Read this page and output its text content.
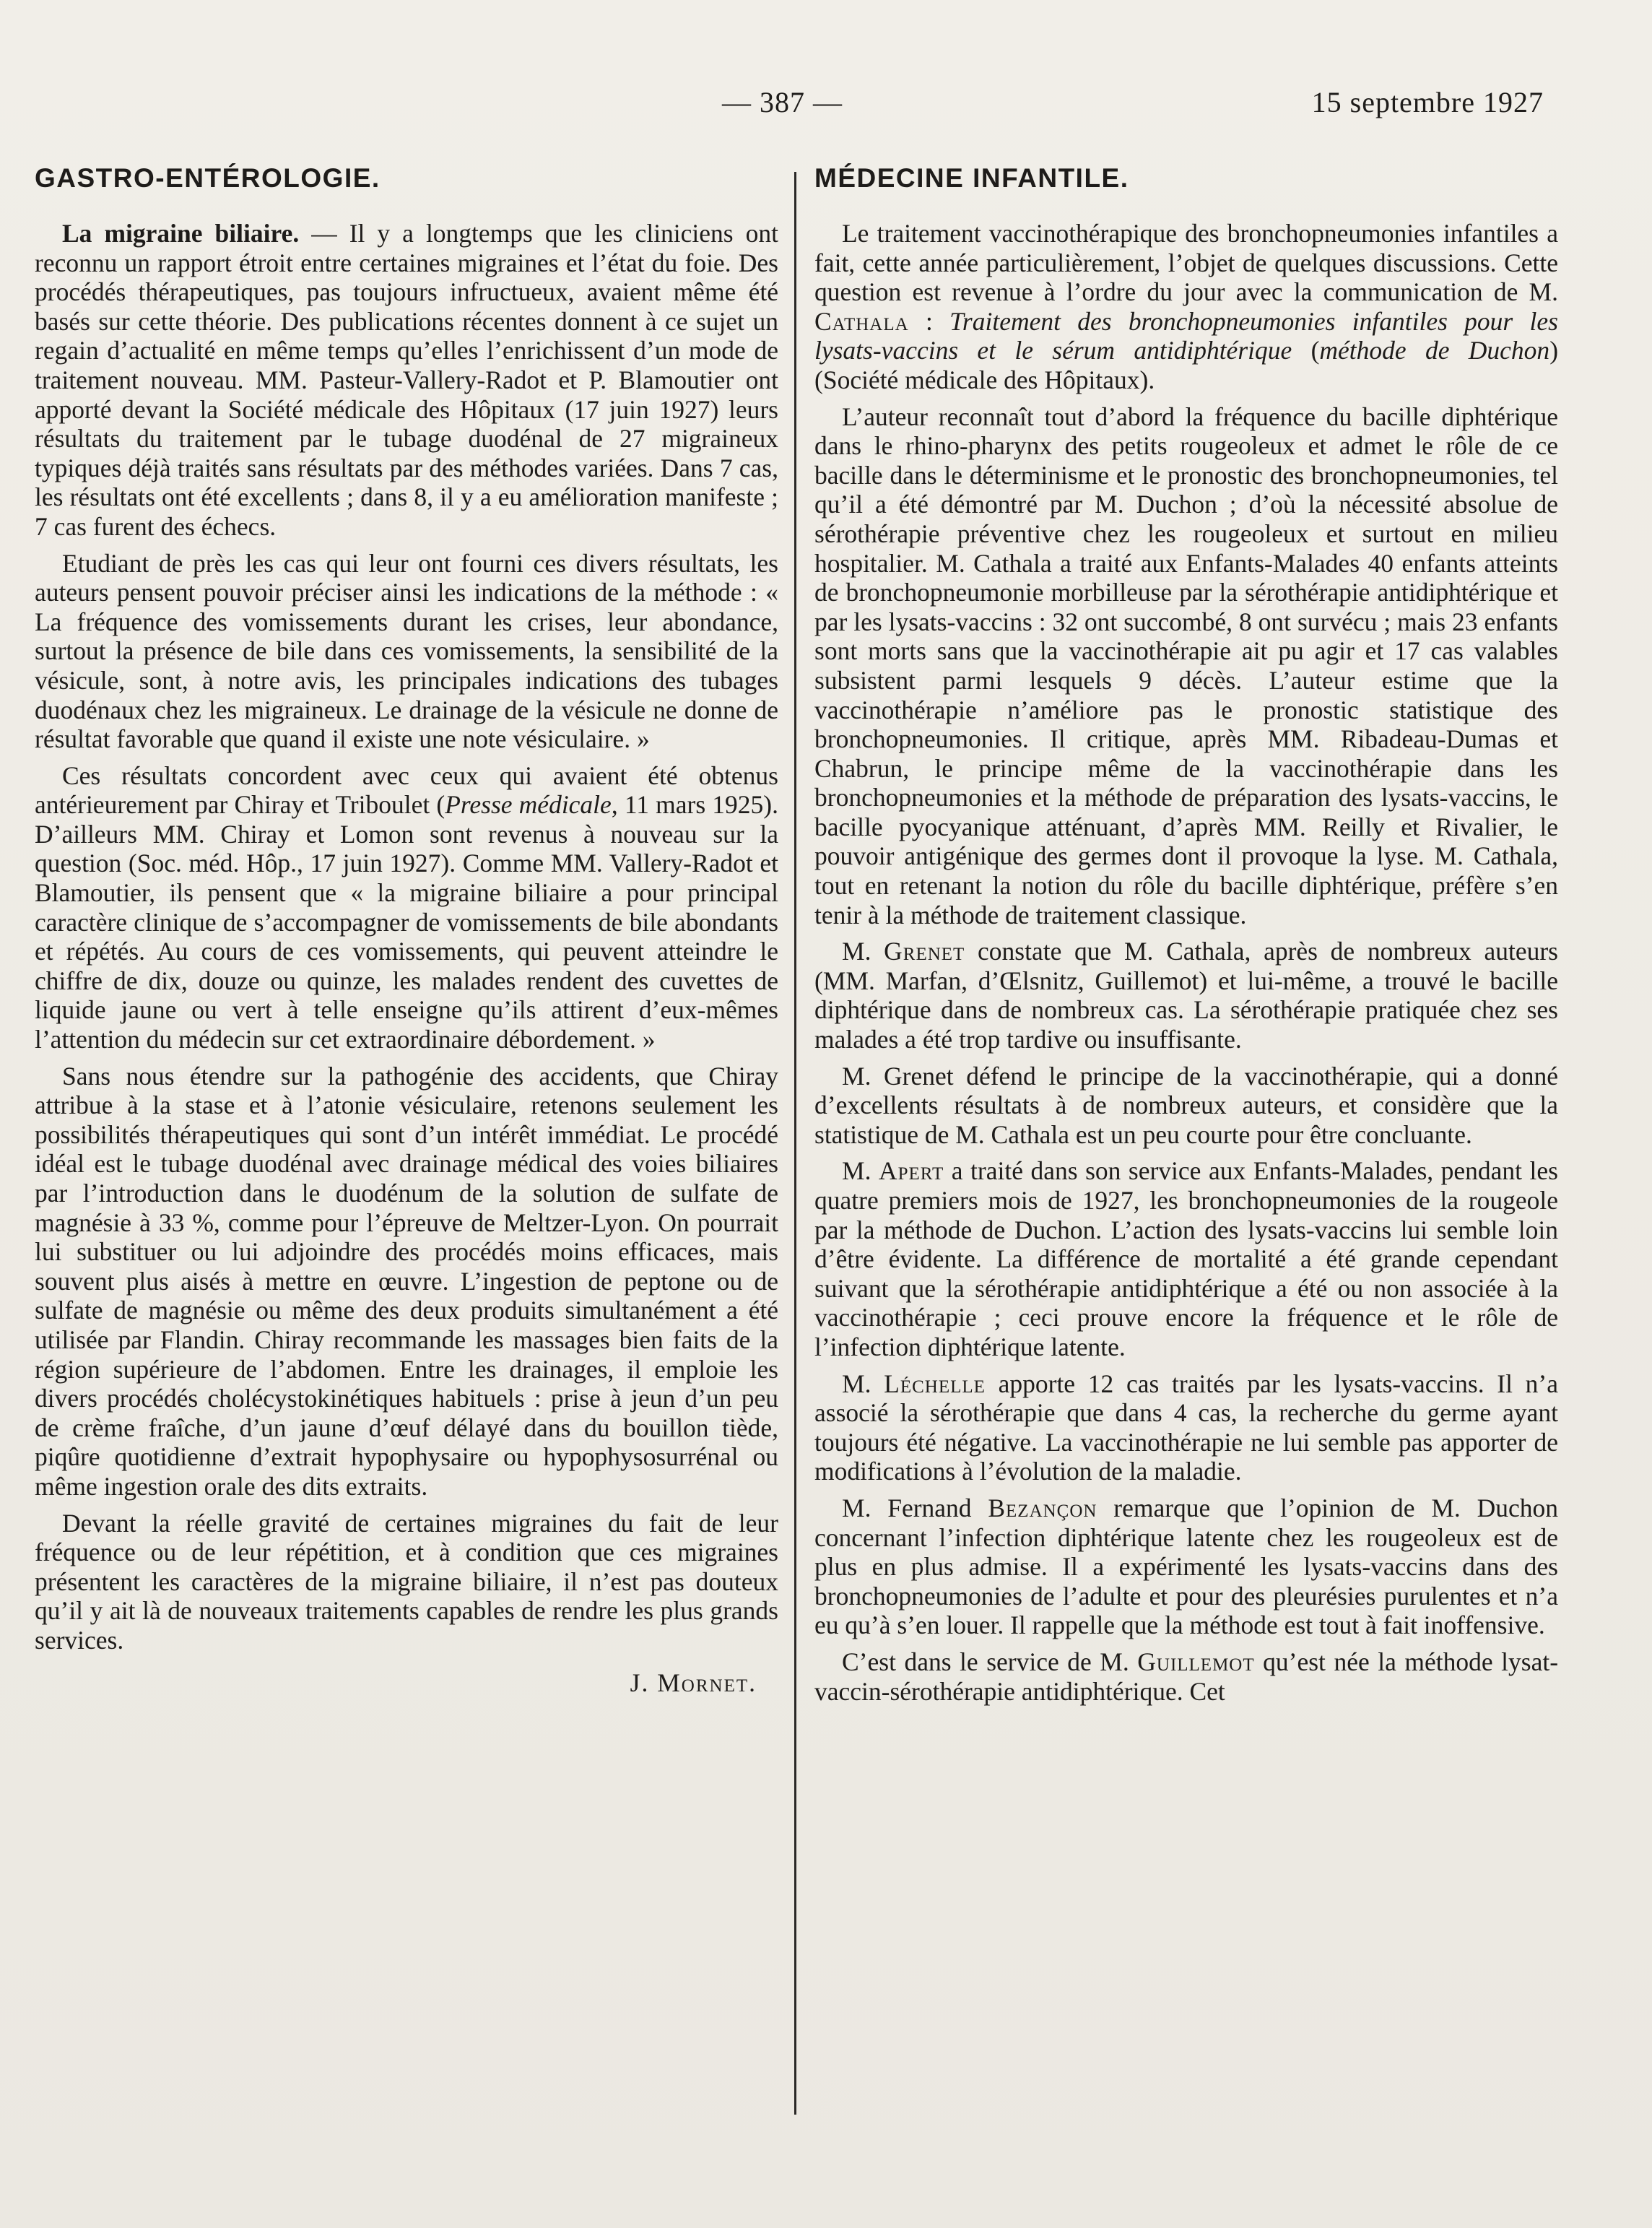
— 387 —	15 septembre 1927
GASTRO-ENTÉROLOGIE.

La migraine biliaire. — Il y a longtemps que les cliniciens ont reconnu un rapport étroit entre certaines migraines et l’état du foie. Des procédés thérapeutiques, pas toujours infructueux, avaient même été basés sur cette théorie. Des publications récentes donnent à ce sujet un regain d’actualité en même temps qu’elles l’enrichissent d’un mode de traitement nouveau. MM. Pasteur-Vallery-Radot et P. Blamoutier ont apporté devant la Société médicale des Hôpitaux (17 juin 1927) leurs résultats du traitement par le tubage duodénal de 27 migraineux typiques déjà traités sans résultats par des méthodes variées. Dans 7 cas, les résultats ont été excellents ; dans 8, il y a eu amélioration manifeste ; 7 cas furent des échecs.

Etudiant de près les cas qui leur ont fourni ces divers résultats, les auteurs pensent pouvoir préciser ainsi les indications de la méthode : « La fréquence des vomissements durant les crises, leur abondance, surtout la présence de bile dans ces vomissements, la sensibilité de la vésicule, sont, à notre avis, les principales indications des tubages duodénaux chez les migraineux. Le drainage de la vésicule ne donne de résultat favorable que quand il existe une note vésiculaire. »

Ces résultats concordent avec ceux qui avaient été obtenus antérieurement par Chiray et Triboulet (Presse médicale, 11 mars 1925). D’ailleurs MM. Chiray et Lomon sont revenus à nouveau sur la question (Soc. méd. Hôp., 17 juin 1927). Comme MM. Vallery-Radot et Blamoutier, ils pensent que « la migraine biliaire a pour principal caractère clinique de s’accompagner de vomissements de bile abondants et répétés. Au cours de ces vomissements, qui peuvent atteindre le chiffre de dix, douze ou quinze, les malades rendent des cuvettes de liquide jaune ou vert à telle enseigne qu’ils attirent d’eux-mêmes l’attention du médecin sur cet extraordinaire débordement. »

Sans nous étendre sur la pathogénie des accidents, que Chiray attribue à la stase et à l’atonie vésiculaire, retenons seulement les possibilités thérapeutiques qui sont d’un intérêt immédiat. Le procédé idéal est le tubage duodénal avec drainage médical des voies biliaires par l’introduction dans le duodénum de la solution de sulfate de magnésie à 33 %, comme pour l’épreuve de Meltzer-Lyon. On pourrait lui substituer ou lui adjoindre des procédés moins efficaces, mais souvent plus aisés à mettre en œuvre. L’ingestion de peptone ou de sulfate de magnésie ou même des deux produits simultanément a été utilisée par Flandin. Chiray recommande les massages bien faits de la région supérieure de l’abdomen. Entre les drainages, il emploie les divers procédés cholécystokinétiques habituels : prise à jeun d’un peu de crème fraîche, d’un jaune d’œuf délayé dans du bouillon tiède, piqûre quotidienne d’extrait hypophysaire ou hypophysosurrénal ou même ingestion orale des dits extraits.

Devant la réelle gravité de certaines migraines du fait de leur fréquence ou de leur répétition, et à condition que ces migraines présentent les caractères de la migraine biliaire, il n’est pas douteux qu’il y ait là de nouveaux traitements capables de rendre les plus grands services.

J. Mornet.
MÉDECINE INFANTILE.

Le traitement vaccinothérapique des bronchopneumonies infantiles a fait, cette année particulièrement, l’objet de quelques discussions. Cette question est revenue à l’ordre du jour avec la communication de M. Cathala : Traitement des bronchopneumonies infantiles pour les lysats-vaccins et le sérum antidiphtérique (méthode de Duchon) (Société médicale des Hôpitaux).

L’auteur reconnaît tout d’abord la fréquence du bacille diphtérique dans le rhino-pharynx des petits rougeoleux et admet le rôle de ce bacille dans le déterminisme et le pronostic des bronchopneumonies, tel qu’il a été démontré par M. Duchon ; d’où la nécessité absolue de sérothérapie préventive chez les rougeoleux et surtout en milieu hospitalier. M. Cathala a traité aux Enfants-Malades 40 enfants atteints de bronchopneumonie morbilleuse par la sérothérapie antidiphtérique et par les lysats-vaccins : 32 ont succombé, 8 ont survécu ; mais 23 enfants sont morts sans que la vaccinothérapie ait pu agir et 17 cas valables subsistent parmi lesquels 9 décès. L’auteur estime que la vaccinothérapie n’améliore pas le pronostic statistique des bronchopneumonies. Il critique, après MM. Ribadeau-Dumas et Chabrun, le principe même de la vaccinothérapie dans les bronchopneumonies et la méthode de préparation des lysats-vaccins, le bacille pyocyanique atténuant, d’après MM. Reilly et Rivalier, le pouvoir antigénique des germes dont il provoque la lyse. M. Cathala, tout en retenant la notion du rôle du bacille diphtérique, préfère s’en tenir à la méthode de traitement classique.

M. Grenet constate que M. Cathala, après de nombreux auteurs (MM. Marfan, d’Œlsnitz, Guillemot) et lui-même, a trouvé le bacille diphtérique dans de nombreux cas. La sérothérapie pratiquée chez ses malades a été trop tardive ou insuffisante.

M. Grenet défend le principe de la vaccinothérapie, qui a donné d’excellents résultats à de nombreux auteurs, et considère que la statistique de M. Cathala est un peu courte pour être concluante.

M. Apert a traité dans son service aux Enfants-Malades, pendant les quatre premiers mois de 1927, les bronchopneumonies de la rougeole par la méthode de Duchon. L’action des lysats-vaccins lui semble loin d’être évidente. La différence de mortalité a été grande cependant suivant que la sérothérapie antidiphtérique a été ou non associée à la vaccinothérapie ; ceci prouve encore la fréquence et le rôle de l’infection diphtérique latente.

M. Léchelle apporte 12 cas traités par les lysats-vaccins. Il n’a associé la sérothérapie que dans 4 cas, la recherche du germe ayant toujours été négative. La vaccinothérapie ne lui semble pas apporter de modifications à l’évolution de la maladie.

M. Fernand Bezançon remarque que l’opinion de M. Duchon concernant l’infection diphtérique latente chez les rougeoleux est de plus en plus admise. Il a expérimenté les lysats-vaccins dans des bronchopneumonies de l’adulte et pour des pleurésies purulentes et n’a eu qu’à s’en louer. Il rappelle que la méthode est tout à fait inoffensive.

C’est dans le service de M. Guillemot qu’est née la méthode lysat-vaccin-sérothérapie antidiphtérique. Cet
